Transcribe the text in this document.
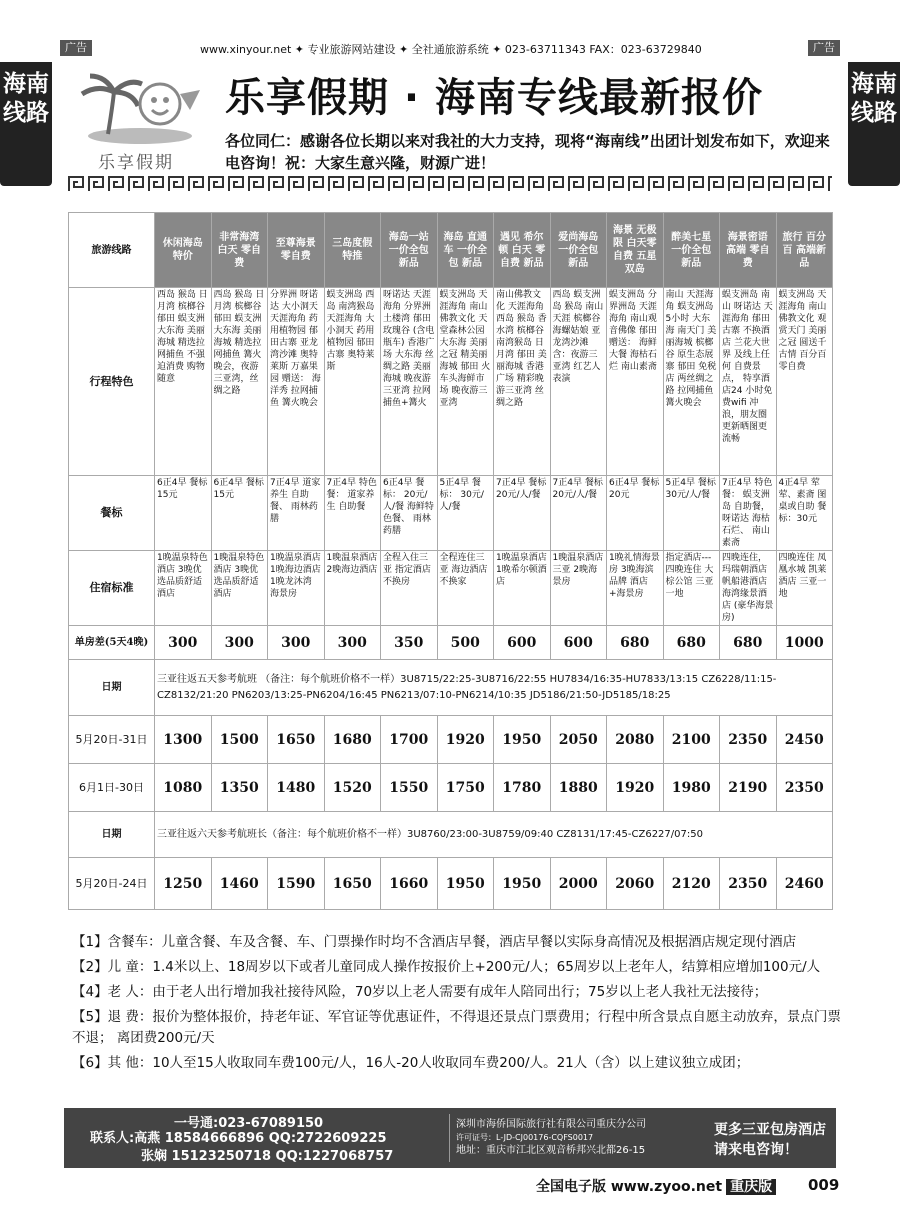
广告	www.xinyour.net ✦ 专业旅游网站建设 ✦ 全社通旅游系统 ✦ 023-63711343 FAX：023-63729840	广告
海南线路
海南线路
乐享假期
乐享假期 · 海南专线最新报价
各位同仁：感谢各位长期以来对我社的大力支持，现将“海南线”出团计划发布如下，欢迎来电咨询！祝：大家生意兴隆，财源广进！
旅游线路	休闲海岛 特价	非常海湾 白天 零自费	至尊海景 零自费	三岛度假 特推	海岛一站 一价全包 新品	海岛 直通车 一价全包 新品	遇见 希尔顿 白天 零自费 新品	爱尚海岛 一价全包 新品	海景 无极限 白天零自费 五星双岛	醉美七星 一价全包 新品	海景密语 高端 零自费	旅行 百分百 高端新品
行程特色	西岛 猴岛 日月湾 槟榔谷 郁田 蜈支洲 大东海 美丽海城 精选拉网捕鱼 不强迫消费 购物随意	西岛 猴岛 日月湾 槟榔谷 郁田 蜈支洲 大东海 美丽海城 精选拉网捕鱼 篝火晚会，夜游三亚湾，丝绸之路	分界洲 呀诺达 大小洞天 天涯海角 药用植物园 郁田古寨 亚龙湾沙滩 奥特莱斯 万嘉果园 赠送： 海洋秀 拉网捕鱼 篝火晚会	蜈支洲岛 西岛 南湾猴岛 天涯海角 大小洞天 药用植物园 郁田古寨 奥特莱斯	呀诺达 天涯海角 分界洲 土楼湾 郁田玫瑰谷 (含电瓶车) 香港广场 大东海 丝绸之路 美丽海城 晚夜游三亚湾 拉网捕鱼+篝火	蜈支洲岛 天涯海角 南山佛教文化 天堂森林公园 大东海 美丽之冠 精美丽海城 郁田 火车头海鲜市场 晚夜游三亚湾	南山佛教文化 天涯海角 西岛 猴岛 香水湾 槟榔谷 南湾猴岛 日月湾 郁田 美丽海城 香港广场 精彩晚游三亚湾 丝绸之路	西岛 蜈支洲岛 猴岛 南山 天涯 槟榔谷 海螺姑娘 亚龙湾沙滩 含：夜游三亚湾 红艺人表演	蜈支洲岛 分界洲岛 天涯海角 南山观音佛像 郁田 赠送： 海鲜大餐 海枯石烂 南山素斋	南山 天涯海角 蜈支洲岛 5小时 大东海 南天门 美丽海城 槟榔谷 原生态展寨 郁田 免税店 两丝绸之路 拉网捕鱼 篝火晚会	蜈支洲岛 南山 呀诺达 天涯海角 郁田古寨 不换酒店 兰花大世界 及线上任何 自费景点， 特享酒店24 小时免费wifi 冲浪，朋友圈 更新晒图更流畅	蜈支洲岛 天涯海角 南山佛教文化 观赏天门 美丽之冠 圆送千古情 百分百零自费
餐标	6正4早 餐标15元	6正4早 餐标15元	7正4早 道家养生 自助餐、 雨林药膳	7正4早 特色餐： 道家养生 自助餐	6正4早 餐标： 20元/人/餐 海鲜特色餐、 雨林药膳	5正4早 餐标： 30元/人/餐	7正4早 餐标 20元/人/餐	7正4早 餐标 20元/人/餐	6正4早 餐标20元	5正4早 餐标 30元/人/餐	7正4早 特色餐： 蜈支洲岛 自助餐， 呀诺达 海枯石烂、 南山素斋	4正4早 荤荤、素斋 图桌或自助 餐标：30元
住宿标准	1晚温泉特色酒店 3晚优选品质舒适酒店	1晚温泉特色酒店 3晚优选品质舒适酒店	1晚温泉酒店 1晚海边酒店 1晚龙沐湾 海景房	1晚温泉酒店 2晚海边酒店	全程入住三亚 指定酒店不换房	全程连住三亚 海边酒店 不换家	1晚温泉酒店 1晚希尔顿酒店	1晚温泉酒店 三亚 2晚海景房	1晚礼情海景房 3晚海滨品牌 酒店+海景房	指定酒店--- 四晚连住 大棕公馆 三亚一地	四晚连住， 玛瑞朝酒店 帆船港酒店 海湾缘景酒店 (豪华海景房)	四晚连住 凤凰水城 凯莱酒店 三亚一地
单房差(5天4晚)	300	300	300	300	350	500	600	600	680	680	680	1000
日期	三亚往返五天参考航班 （备注：每个航班价格不一样）3U8715/22:25-3U8716/22:55 HU7834/16:35-HU7833/13:15 CZ6228/11:15-CZ8132/21:20 PN6203/13:25-PN6204/16:45 PN6213/07:10-PN6214/10:35 JD5186/21:50-JD5185/18:25											
5月20日-31日	1300	1500	1650	1680	1700	1920	1950	2050	2080	2100	2350	2450
6月1日-30日	1080	1350	1480	1520	1550	1750	1780	1880	1920	1980	2190	2350
日期	三亚往返六天参考航班长（备注：每个航班价格不一样）3U8760/23:00-3U8759/09:40 CZ8131/17:45-CZ6227/07:50											
5月20日-24日	1250	1460	1590	1650	1660	1950	1950	2000	2060	2120	2350	2460

【1】含餐车：儿童含餐、车及含餐、车、门票操作时均不含酒店早餐，酒店早餐以实际身高情况及根据酒店规定现付酒店

【2】儿 童：1.4米以上、18周岁以下或者儿童同成人操作按报价上+200元/人；65周岁以上老年人，结算相应增加100元/人

【4】老 人：由于老人出行增加我社接待风险，70岁以上老人需要有成年人陪同出行；75岁以上老人我社无法接待；

【5】退 费：报价为整体报价，持老年证、军官证等优惠证件，不得退还景点门票费用；行程中所含景点自愿主动放弃，景点门票不退； 离团费200元/天

【6】其 他：10人至15人收取同车费100元/人，16人-20人收取同车费200/人。21人（含）以上建议独立成团；

一号通:023-67089150
联系人:高燕 18584666896 QQ:2722609225
张娴 15123250718 QQ:1227068757
深圳市海侨国际旅行社有限公司重庆分公司
许可证号：L-JD-CJ00176-CQFS0017
地址：重庆市江北区观音桥邦兴北都26-15
更多三亚包房酒店请来电咨询！
全国电子版 www.zyoo.net 重庆版 009
